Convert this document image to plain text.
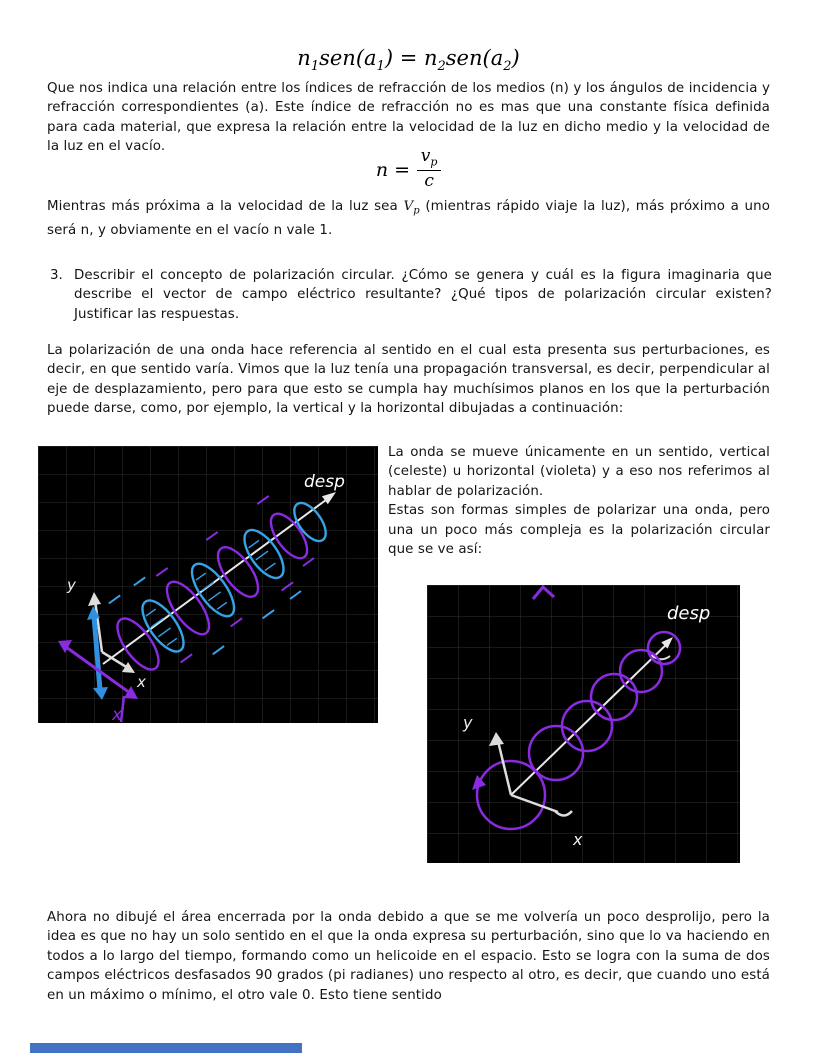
$n_1sen(a_1) = n_2sen(a_2)$
Que nos indica una relación entre los índices de refracción de los medios (n) y los ángulos de incidencia y refracción correspondientes (a). Este índice de refracción no es mas que una constante física definida para cada material, que expresa la relación entre la velocidad de la luz en dicho medio y la velocidad de la luz en el vacío.
$n = \frac{v_p}{c}$
Mientras más próxima a la velocidad de la luz sea $V_p$ (mientras rápido viaje la luz), más próximo a uno será n, y obviamente en el vacío n vale 1.
3. Describir el concepto de polarización circular. ¿Cómo se genera y cuál es la figura imaginaria que describe el vector de campo eléctrico resultante? ¿Qué tipos de polarización circular existen? Justificar las respuestas.
La polarización de una onda hace referencia al sentido en el cual esta presenta sus perturbaciones, es decir, en que sentido varía. Vimos que la luz tenía una propagación transversal, es decir, perpendicular al eje de desplazamiento, pero para que esto se cumpla hay muchísimos planos en los que la perturbación puede darse, como, por ejemplo, la vertical y la horizontal dibujadas a continuación:
desp
y
x
x
La onda se mueve únicamente en un sentido, vertical (celeste) u horizontal (violeta) y a eso nos referimos al hablar de polarización.
Estas son formas simples de polarizar una onda, pero una un poco más compleja es la polarización circular que se ve así:
desp
y
x
Ahora no dibujé el área encerrada por la onda debido a que se me volvería un poco desprolijo, pero la idea es que no hay un solo sentido en el que la onda expresa su perturbación, sino que lo va haciendo en todos a lo largo del tiempo, formando como un helicoide en el espacio. Esto se logra con la suma de dos campos eléctricos desfasados 90 grados (pi radianes) uno respecto al otro, es decir, que cuando uno está en un máximo o mínimo, el otro vale 0. Esto tiene sentido
